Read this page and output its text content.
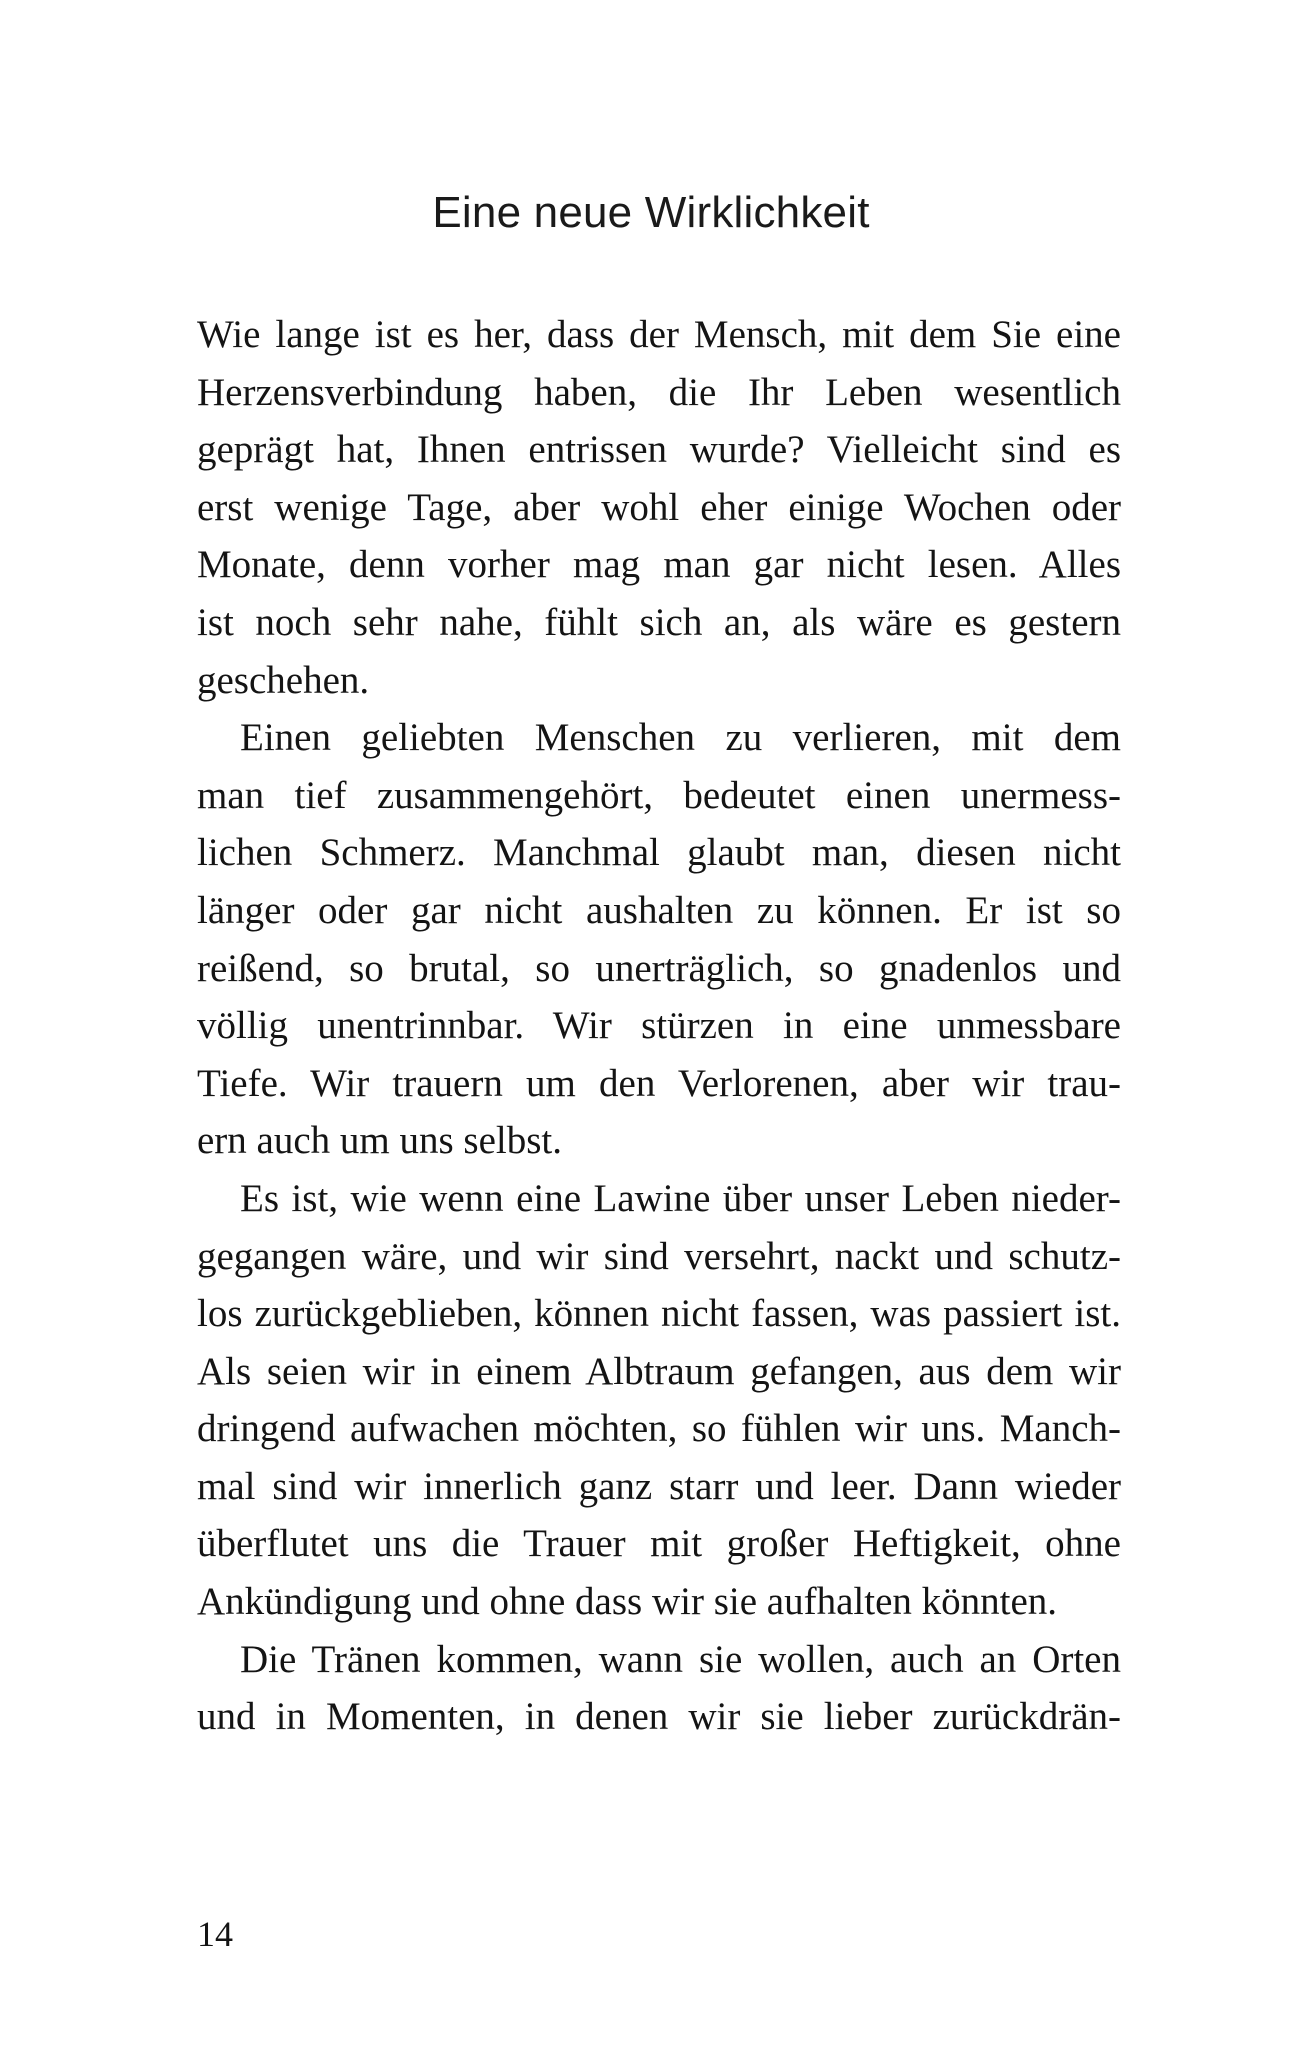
Eine neue Wirklichkeit
Wie lange ist es her, dass der Mensch, mit dem Sie eine
Herzensverbindung haben, die Ihr Leben wesentlich
geprägt hat, Ihnen entrissen wurde? Vielleicht sind es
erst wenige Tage, aber wohl eher einige Wochen oder
Monate, denn vorher mag man gar nicht lesen. Alles
ist noch sehr nahe, fühlt sich an, als wäre es gestern
geschehen.
Einen geliebten Menschen zu verlieren, mit dem
man tief zusammengehört, bedeutet einen unermess-
lichen Schmerz. Manchmal glaubt man, diesen nicht
länger oder gar nicht aushalten zu können. Er ist so
reißend, so brutal, so unerträglich, so gnadenlos und
völlig unentrinnbar. Wir stürzen in eine unmessbare
Tiefe. Wir trauern um den Verlorenen, aber wir trau-
ern auch um uns selbst.
Es ist, wie wenn eine Lawine über unser Leben nieder-
gegangen wäre, und wir sind versehrt, nackt und schutz-
los zurückgeblieben, können nicht fassen, was passiert ist.
Als seien wir in einem Albtraum gefangen, aus dem wir
dringend aufwachen möchten, so fühlen wir uns. Manch-
mal sind wir innerlich ganz starr und leer. Dann wieder
überflutet uns die Trauer mit großer Heftigkeit, ohne
Ankündigung und ohne dass wir sie aufhalten könnten.
Die Tränen kommen, wann sie wollen, auch an Orten
und in Momenten, in denen wir sie lieber zurückdrän-
14
